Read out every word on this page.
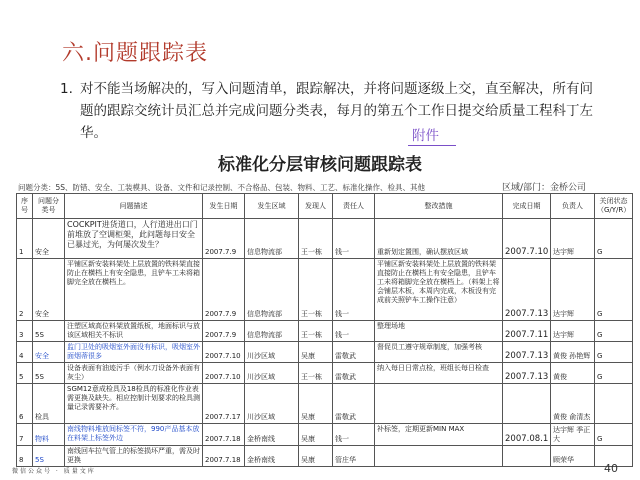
六.问题跟踪表
1. 对不能当场解决的，写入问题清单，跟踪解决，并将问题逐级上交，直至解决，所有问题的跟踪交统计员汇总并完成问题分类表，每月的第五个工作日提交给质量工程科丁左华。	附件
标准化分层审核问题跟踪表
问题分类：5S、防错、安全、工装模具、设备、文件和记录控制、不合格品、包装、物料、工艺、标准化操作、检具、其他	区域/部门：金桥公司
序号	问题分类号	问题描述	发生日期	发生区域	发现人	责任人	整改措施	完成日期	负责人	关闭状态（G/Y/R）
1	安全	COCKPIT进货道口，人行道进出口门前堆放了空调柜架，此问题每日安全已暴过光，为何屡次发生？	2007.7.9	信息物流部	王一栋	钱一	重新划定置围，确认摆放区域	2007.7.10	达宇辉	G
2	安全	平铺区新安装料架处上层放置的铁料架直接防止在横档上有安全隐患，且铲车工未将箱脚完全放在横档上。	2007.7.9	信息物流部	王一栋	钱一	平铺区新安装料架处上层放置的铁料架直接防止在横档上有安全隐患，且铲车工未将箱脚完全放在横档上。（料架上将会铺层木板，本周内完成，木板没有完成前关照铲车工操作注意）	2007.7.13	达宇辉	G
3	5S	注塑区域高位料架放置纸板，地面标识与放该区域相关不标识	2007.7.9	信息物流部	王一栋	钱一	整理场地	2007.7.11	达宇辉	G
4	安全	监门卫处的吸烟室外面没有标识，吸烟室外面烟蒂很多	2007.7.10	川沙区域	吴康	雷敬武	督促员工遵守规章制度，加强考核	2007.7.13	黄俊 孙艳辉	G
5	5S	设备表面有油迹污手（例水刀设备外表面有灰尘）	2007.7.10	川沙区域	王一栋	雷敬武	纳入每日日常点检，班组长每日检查	2007.7.13	黄俊	G
6	检具	SGM12意成检具及18检具的标准化作业表需更换及缺失。相应控制计划要求的检具测量记录需要补齐。	2007.7.17	川沙区域	吴康	雷敬武			黄俊 俞清杰	
7	物料	南线物料堆放间标签不符，990产品基本放在料架上标签外边	2007.7.18	金桥南线	吴康	钱一	补标签，定期更新MIN MAX	2007.08.1	达宇辉 季正大	G
8	5S	南线回车拉气管上的标签损坏严重，需及时更换	2007.7.18	金桥南线	吴康	管庄华			顾荣华	
微信公众号 · 质量文库	40
